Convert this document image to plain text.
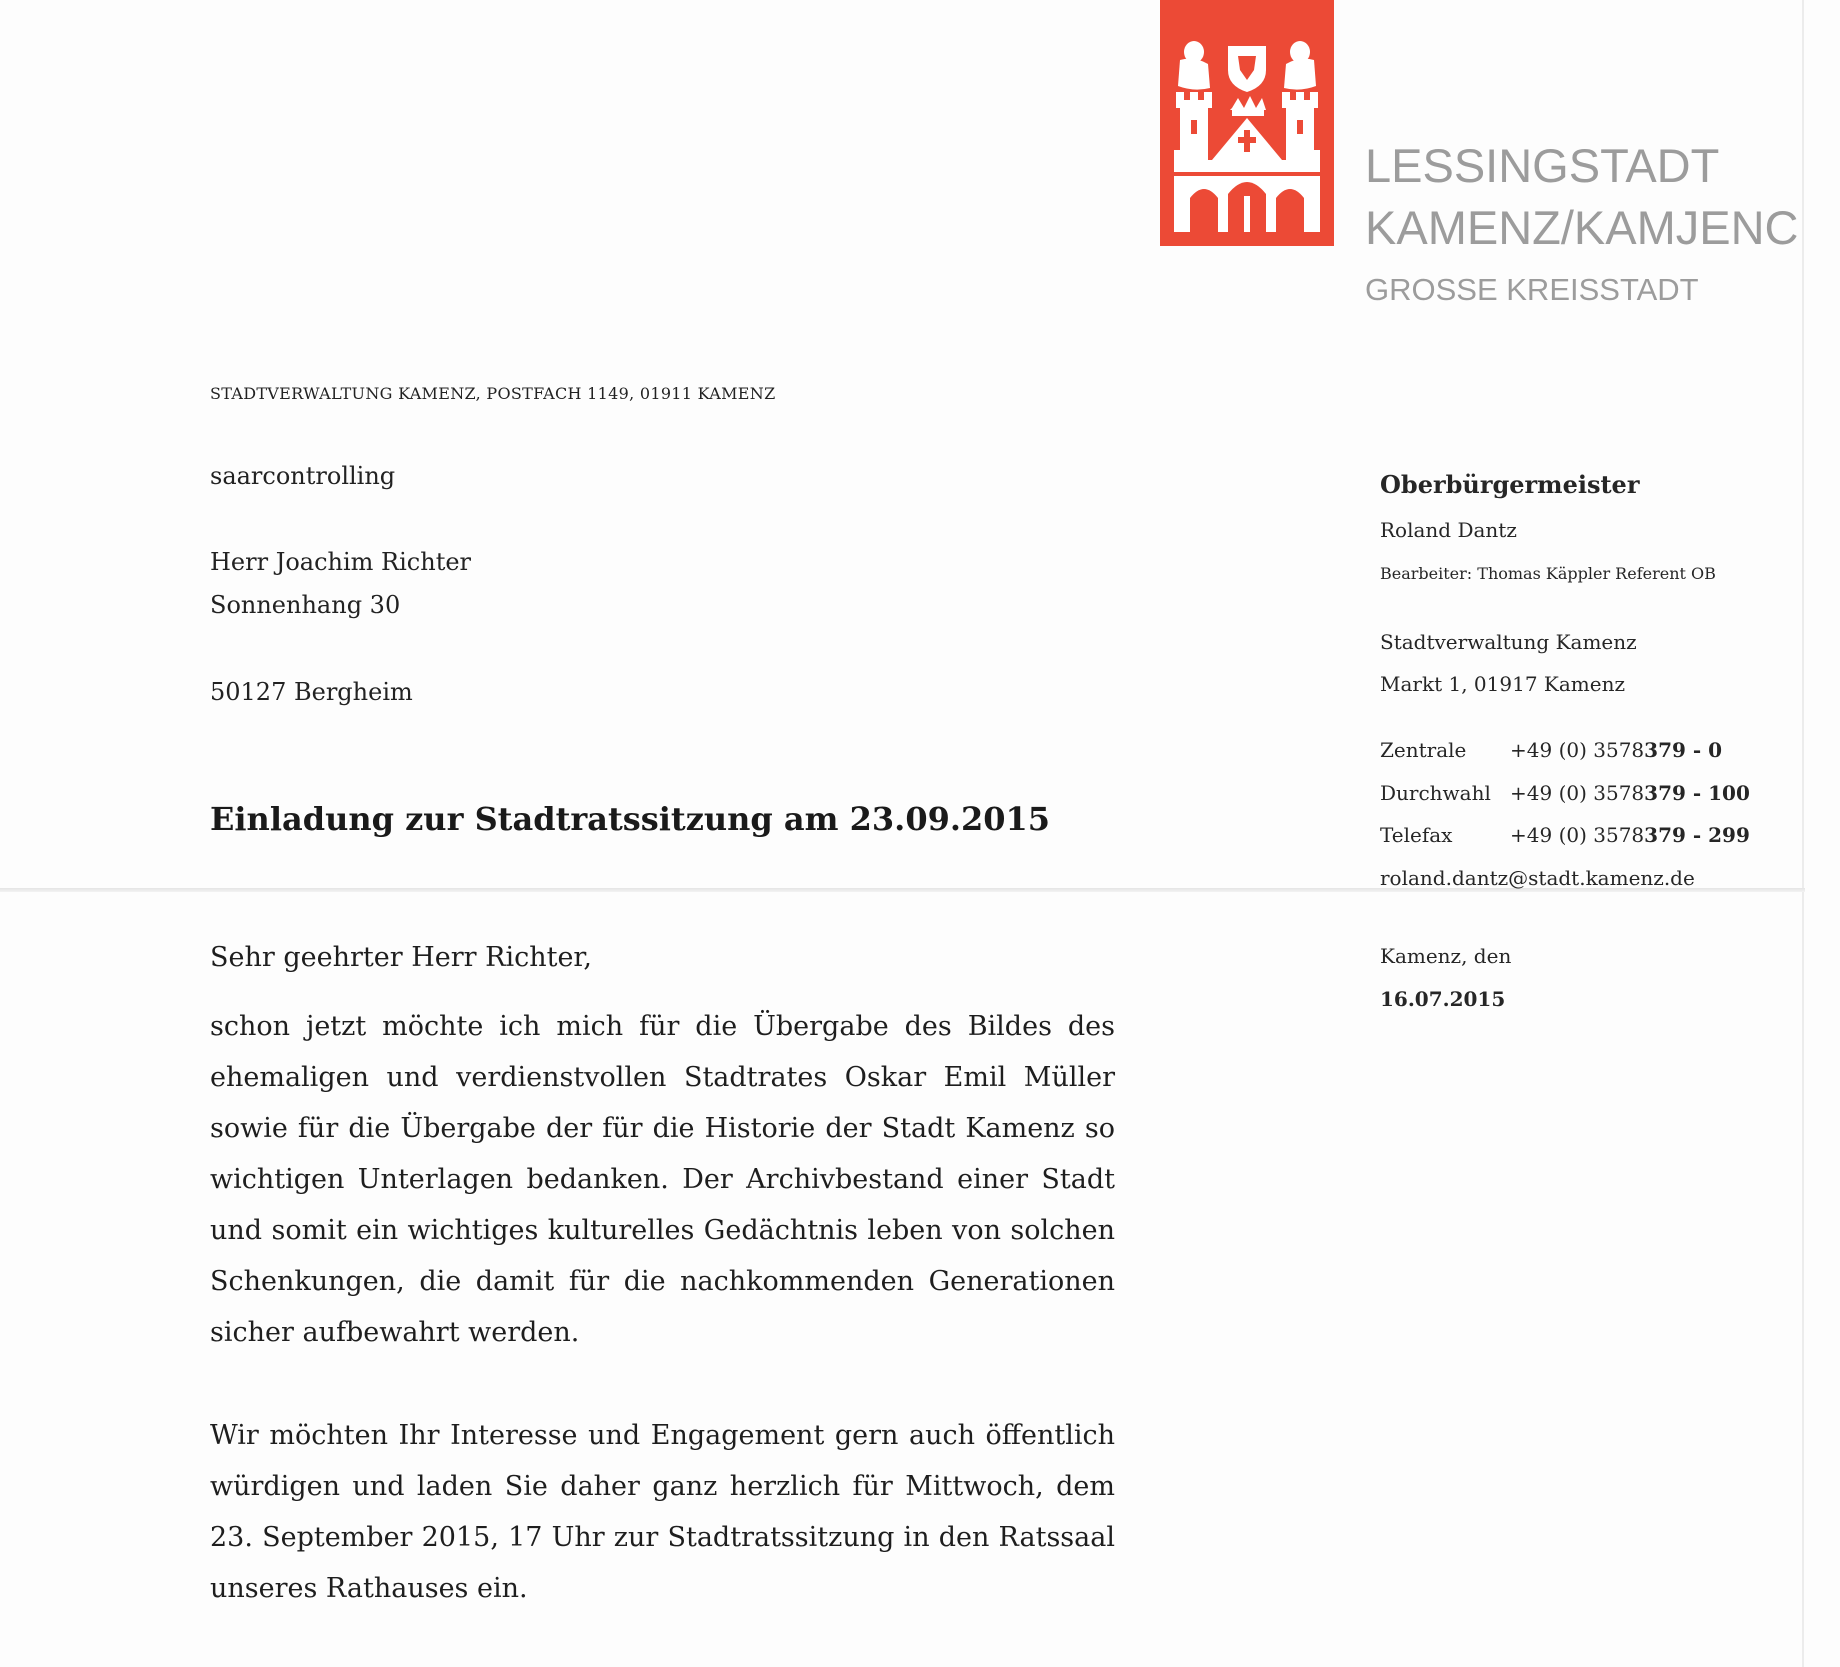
LESSINGSTADT
KAMENZ/KAMJENC
GROSSE KREISSTADT
STADTVERWALTUNG KAMENZ, POSTFACH 1149, 01911 KAMENZ
saarcontrolling
Herr Joachim Richter
Sonnenhang 30
50127 Bergheim
Einladung zur Stadtratssitzung am 23.09.2015
Oberbürgermeister
Roland Dantz
Bearbeiter: Thomas Käppler Referent OB
Stadtverwaltung Kamenz
Markt 1, 01917 Kamenz
Zentrale +49 (0) 3578379 - 0
Durchwahl +49 (0) 3578379 - 100
Telefax	+49 (0) 3578379 - 299
roland.dantz@stadt.kamenz.de
Kamenz, den
16.07.2015
Sehr geehrter Herr Richter,
schon jetzt möchte ich mich für die Übergabe des Bildes des
ehemaligen und verdienstvollen Stadtrates Oskar Emil Müller
sowie für die Übergabe der für die Historie der Stadt Kamenz so
wichtigen Unterlagen bedanken. Der Archivbestand einer Stadt
und somit ein wichtiges kulturelles Gedächtnis leben von solchen
Schenkungen, die damit für die nachkommenden Generationen
sicher aufbewahrt werden.
Wir möchten Ihr Interesse und Engagement gern auch öffentlich
würdigen und laden Sie daher ganz herzlich für Mittwoch, dem
23. September 2015, 17 Uhr zur Stadtratssitzung in den Ratssaal
unseres Rathauses ein.
